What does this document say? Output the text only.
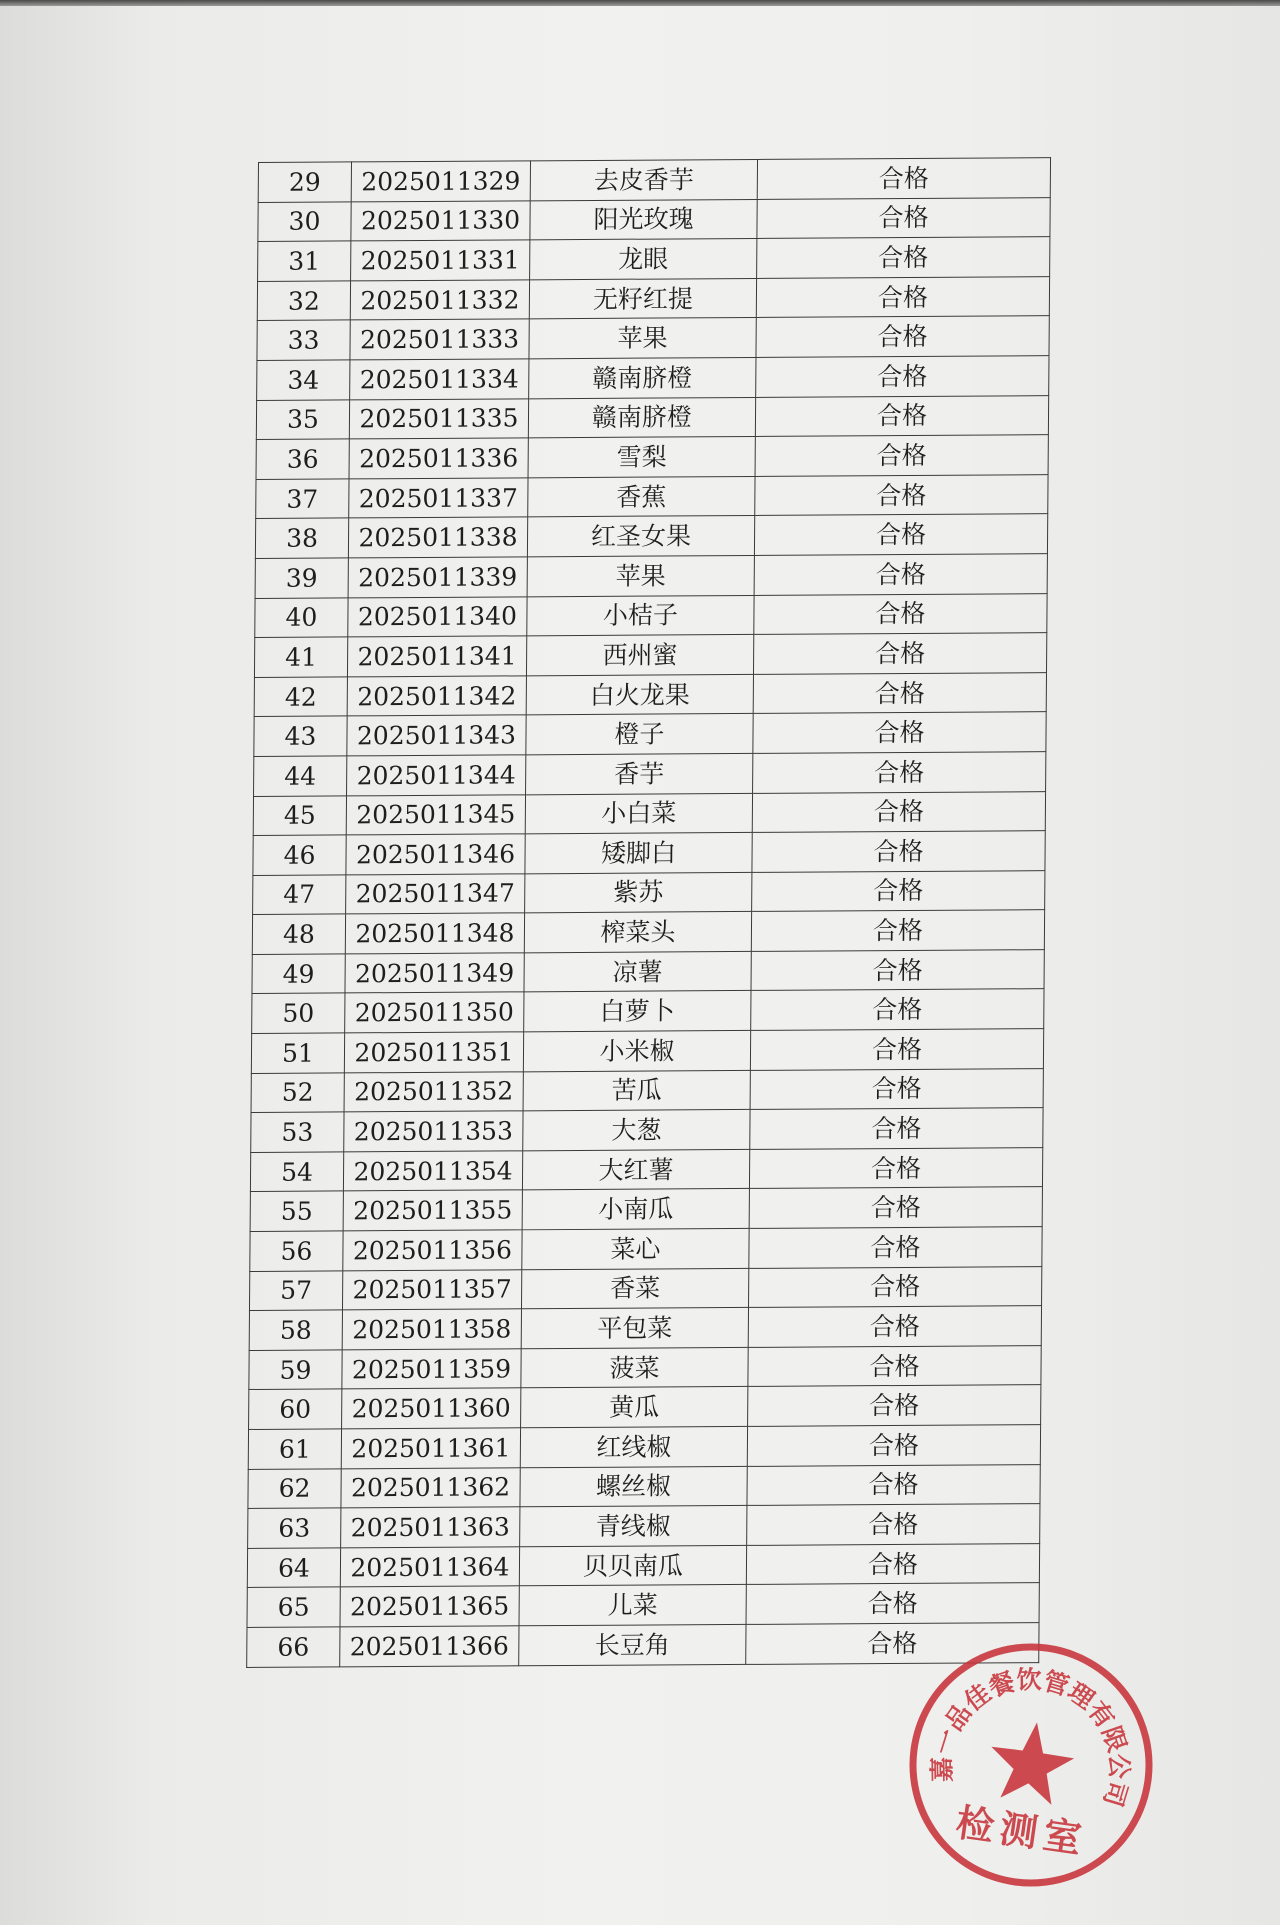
29	2025011329	去皮香芋	合格
30	2025011330	阳光玫瑰	合格
31	2025011331	龙眼	合格
32	2025011332	无籽红提	合格
33	2025011333	苹果	合格
34	2025011334	赣南脐橙	合格
35	2025011335	赣南脐橙	合格
36	2025011336	雪梨	合格
37	2025011337	香蕉	合格
38	2025011338	红圣女果	合格
39	2025011339	苹果	合格
40	2025011340	小桔子	合格
41	2025011341	西州蜜	合格
42	2025011342	白火龙果	合格
43	2025011343	橙子	合格
44	2025011344	香芋	合格
45	2025011345	小白菜	合格
46	2025011346	矮脚白	合格
47	2025011347	紫苏	合格
48	2025011348	榨菜头	合格
49	2025011349	凉薯	合格
50	2025011350	白萝卜	合格
51	2025011351	小米椒	合格
52	2025011352	苦瓜	合格
53	2025011353	大葱	合格
54	2025011354	大红薯	合格
55	2025011355	小南瓜	合格
56	2025011356	菜心	合格
57	2025011357	香菜	合格
58	2025011358	平包菜	合格
59	2025011359	菠菜	合格
60	2025011360	黄瓜	合格
61	2025011361	红线椒	合格
62	2025011362	螺丝椒	合格
63	2025011363	青线椒	合格
64	2025011364	贝贝南瓜	合格
65	2025011365	儿菜	合格
66	2025011366	长豆角	合格
嘉一品佳餐饮管理有限公司
检测室
